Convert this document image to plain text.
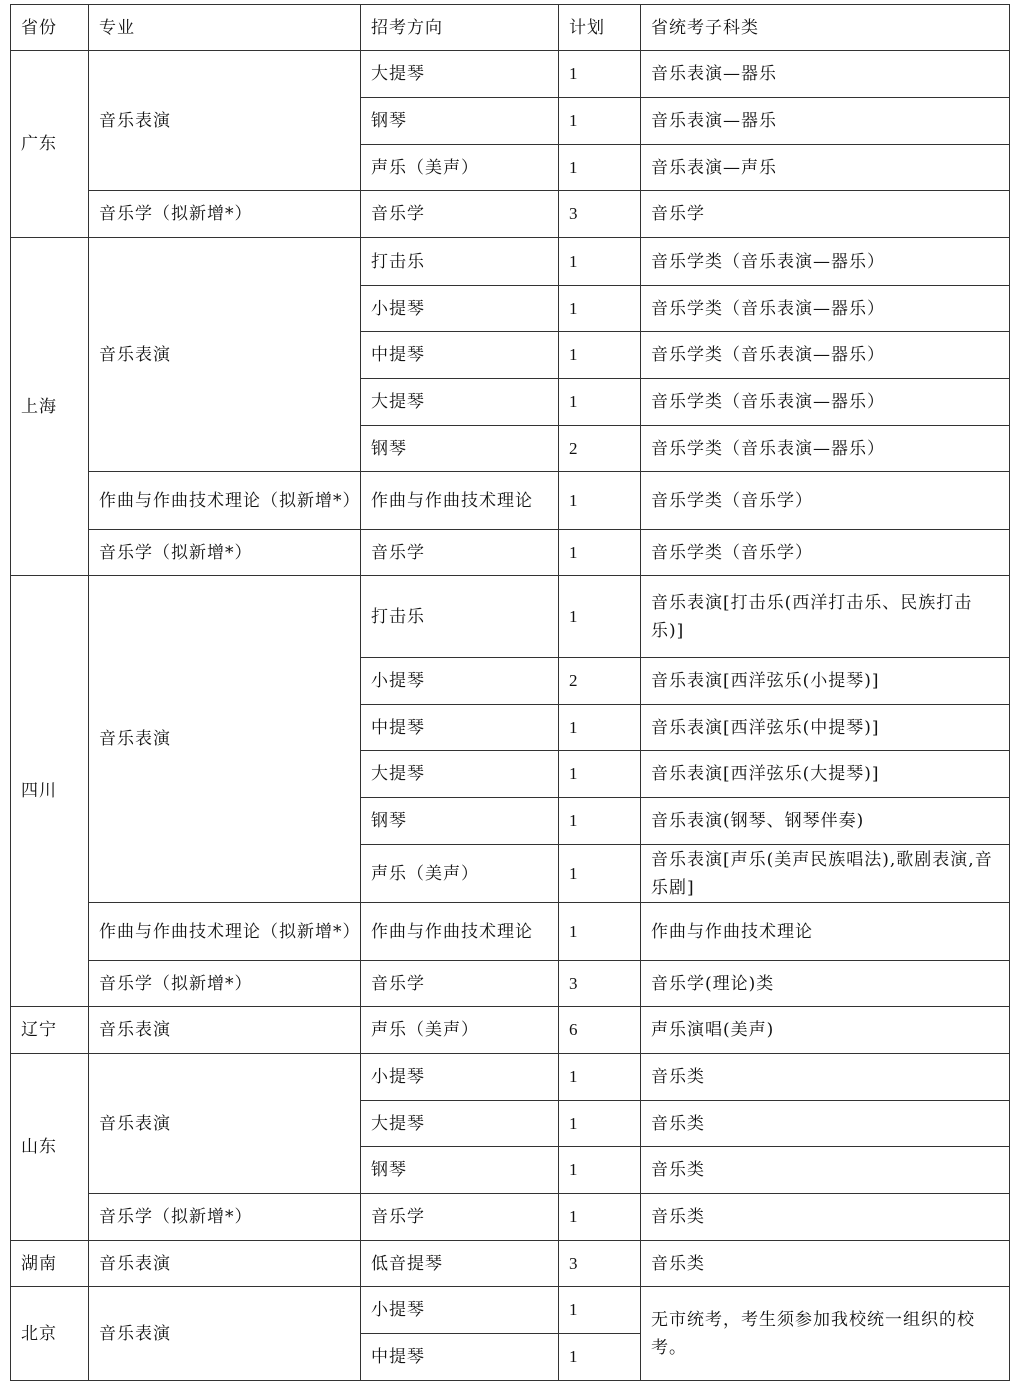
省份	专业	招考方向	计划	省统考子科类
广东	音乐表演	大提琴	1	音乐表演—器乐
		钢琴	1	音乐表演—器乐
		声乐（美声）	1	音乐表演—声乐
	音乐学（拟新增*）	音乐学	3	音乐学
上海	音乐表演	打击乐	1	音乐学类（音乐表演—器乐）
		小提琴	1	音乐学类（音乐表演—器乐）
		中提琴	1	音乐学类（音乐表演—器乐）
		大提琴	1	音乐学类（音乐表演—器乐）
		钢琴	2	音乐学类（音乐表演—器乐）
	作曲与作曲技术理论（拟新增*）	作曲与作曲技术理论	1	音乐学类（音乐学）
	音乐学（拟新增*）	音乐学	1	音乐学类（音乐学）
四川	音乐表演	打击乐	1	音乐表演[打击乐(西洋打击乐、民族打击乐)]
		小提琴	2	音乐表演[西洋弦乐(小提琴)]
		中提琴	1	音乐表演[西洋弦乐(中提琴)]
		大提琴	1	音乐表演[西洋弦乐(大提琴)]
		钢琴	1	音乐表演(钢琴、钢琴伴奏)
		声乐（美声）	1	音乐表演[声乐(美声民族唱法),歌剧表演,音乐剧]
	作曲与作曲技术理论（拟新增*）	作曲与作曲技术理论	1	作曲与作曲技术理论
	音乐学（拟新增*）	音乐学	3	音乐学(理论)类
辽宁	音乐表演	声乐（美声）	6	声乐演唱(美声)
山东	音乐表演	小提琴	1	音乐类
		大提琴	1	音乐类
		钢琴	1	音乐类
	音乐学（拟新增*）	音乐学	1	音乐类
湖南	音乐表演	低音提琴	3	音乐类
北京	音乐表演	小提琴	1	无市统考，考生须参加我校统一组织的校考。
		中提琴	1	
